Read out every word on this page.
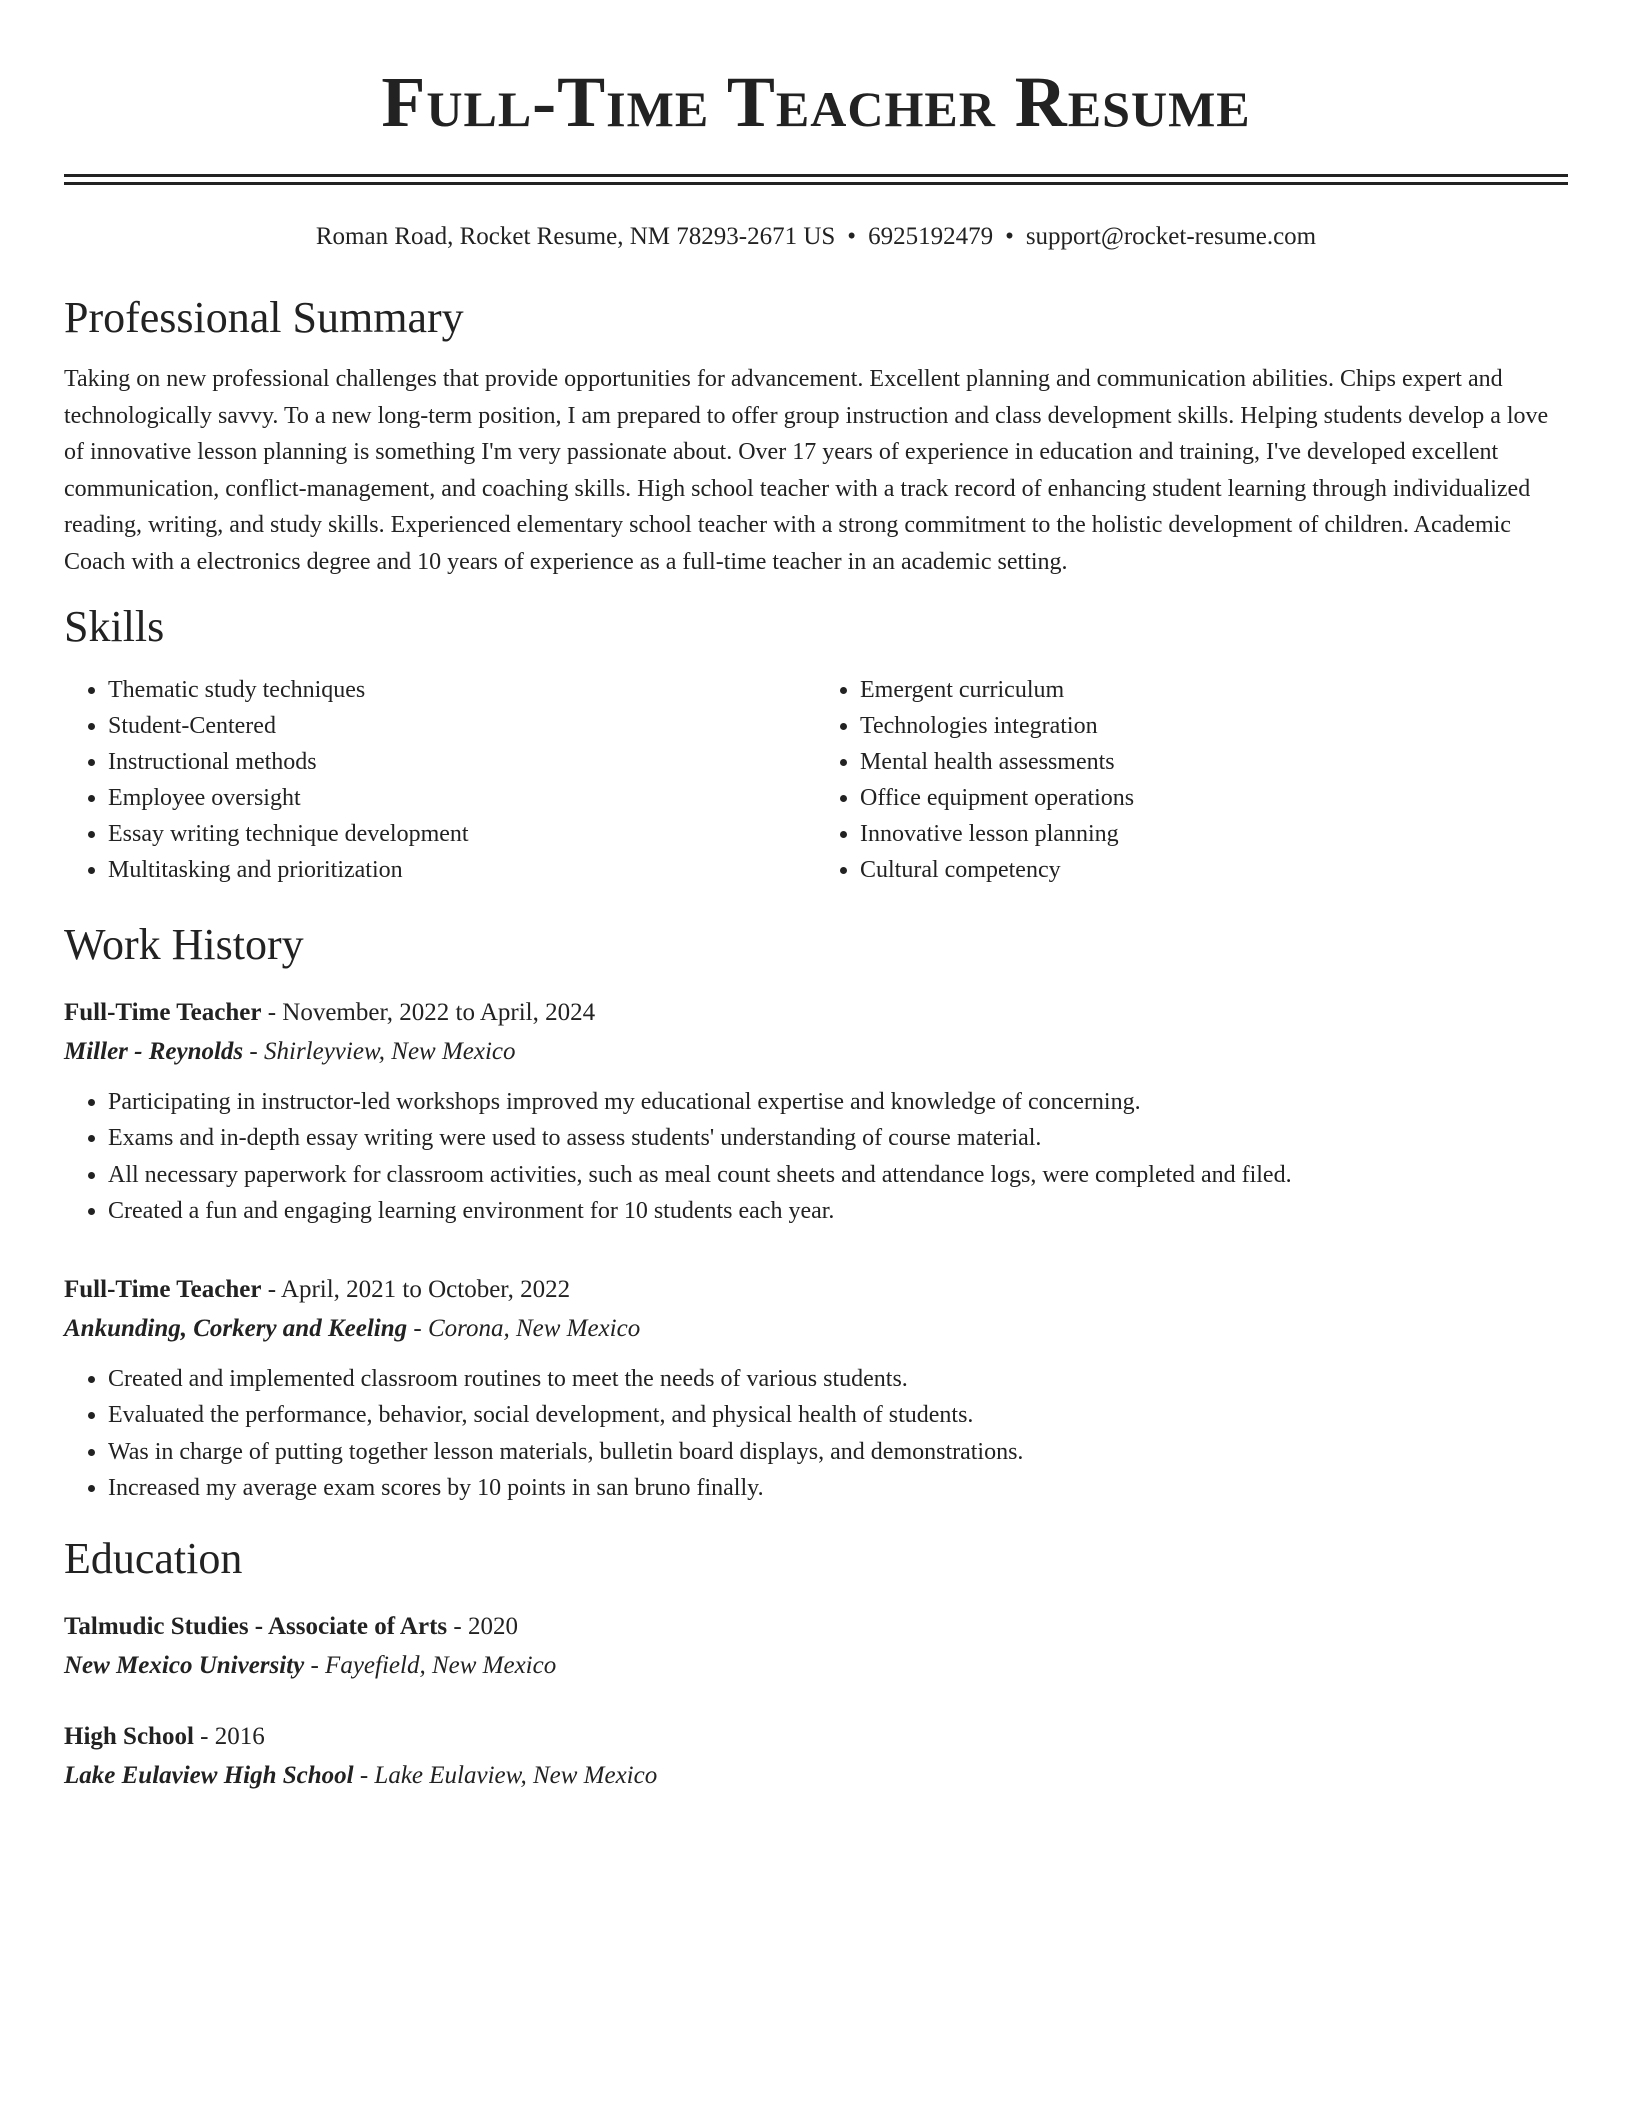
Full-Time Teacher Resume
Roman Road, Rocket Resume, NM 78293-2671 US • 6925192479 • support@rocket-resume.com
Professional Summary
Taking on new professional challenges that provide opportunities for advancement. Excellent planning and communication abilities. Chips expert and technologically savvy. To a new long-term position, I am prepared to offer group instruction and class development skills. Helping students develop a love of innovative lesson planning is something I'm very passionate about. Over 17 years of experience in education and training, I've developed excellent communication, conflict-management, and coaching skills. High school teacher with a track record of enhancing student learning through individualized reading, writing, and study skills. Experienced elementary school teacher with a strong commitment to the holistic development of children. Academic Coach with a electronics degree and 10 years of experience as a full-time teacher in an academic setting.
Skills
• Thematic study techniques
• Student-Centered
• Instructional methods
• Employee oversight
• Essay writing technique development
• Multitasking and prioritization
• Emergent curriculum
• Technologies integration
• Mental health assessments
• Office equipment operations
• Innovative lesson planning
• Cultural competency
Work History
Full-Time Teacher - November, 2022 to April, 2024
Miller - Reynolds - Shirleyview, New Mexico
• Participating in instructor-led workshops improved my educational expertise and knowledge of concerning.
• Exams and in-depth essay writing were used to assess students' understanding of course material.
• All necessary paperwork for classroom activities, such as meal count sheets and attendance logs, were completed and filed.
• Created a fun and engaging learning environment for 10 students each year.
Full-Time Teacher - April, 2021 to October, 2022
Ankunding, Corkery and Keeling - Corona, New Mexico
• Created and implemented classroom routines to meet the needs of various students.
• Evaluated the performance, behavior, social development, and physical health of students.
• Was in charge of putting together lesson materials, bulletin board displays, and demonstrations.
• Increased my average exam scores by 10 points in san bruno finally.
Education
Talmudic Studies - Associate of Arts - 2020
New Mexico University - Fayefield, New Mexico
High School - 2016
Lake Eulaview High School - Lake Eulaview, New Mexico
